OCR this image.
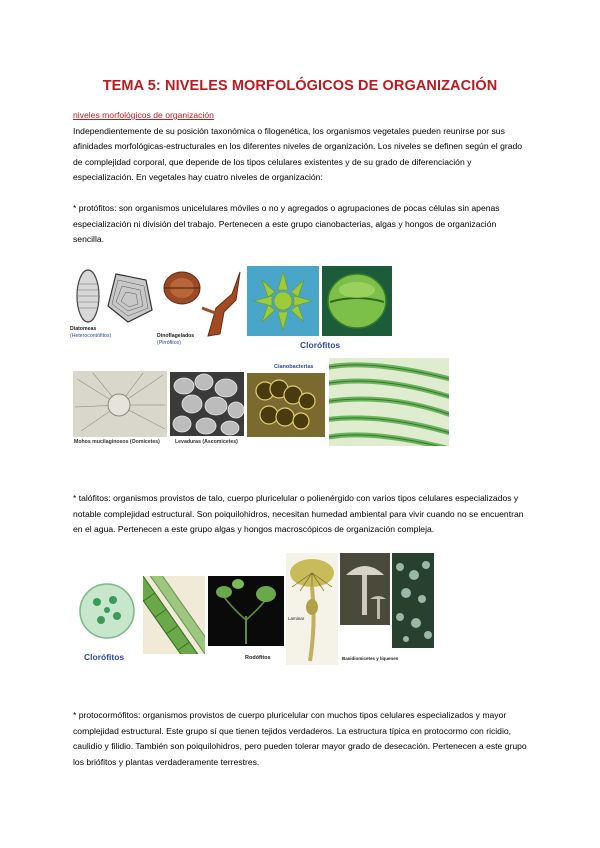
TEMA 5: NIVELES MORFOLÓGICOS DE ORGANIZACIÓN
niveles morfológicos de organización
Independientemente de su posición taxonómica o filogenética, los organismos vegetales pueden reunirse por sus afinidades morfológicas-estructurales en los diferentes niveles de organización. Los niveles se definen según el grado de complejidad corporal, que depende de los tipos celulares existentes y de su grado de diferenciación y especialización. En vegetales hay cuatro niveles de organización:
* protófitos: son organismos unicelulares móviles o no y agregados o agrupaciones de pocas células sin apenas especialización ni división del trabajo. Pertenecen a este grupo cianobacterias, algas y hongos de organización sencilla.
Diatomeas
(Heterocontófitos)	Dinoflagelados
(Pirrófitos)	Clorófitos
Cianobacterias
Mohos mucilaginosos (Oomicetes)	Levaduras (Ascomicetes)
* talófitos: organismos provistos de talo, cuerpo pluricelular o polienérgido con varios tipos celulares especializados y notable complejidad estructural. Son poiquilohidros, necesitan humedad ambiental para vivir cuando no se encuentran en el agua. Pertenecen a este grupo algas y hongos macroscópicos de organización compleja.
Clorófitos	Rodófitos
Laminar
Basidiomicetes y líquenes
* protocormófitos: organismos provistos de cuerpo pluricelular con muchos tipos celulares especializados y mayor complejidad estructural. Este grupo sí que tienen tejidos verdaderos. La estructura típica en protocormo con ricidio, caulidio y filidio. También son poiquilohidros, pero pueden tolerar mayor grado de desecación. Pertenecen a este grupo los briófitos y plantas verdaderamente terrestres.
